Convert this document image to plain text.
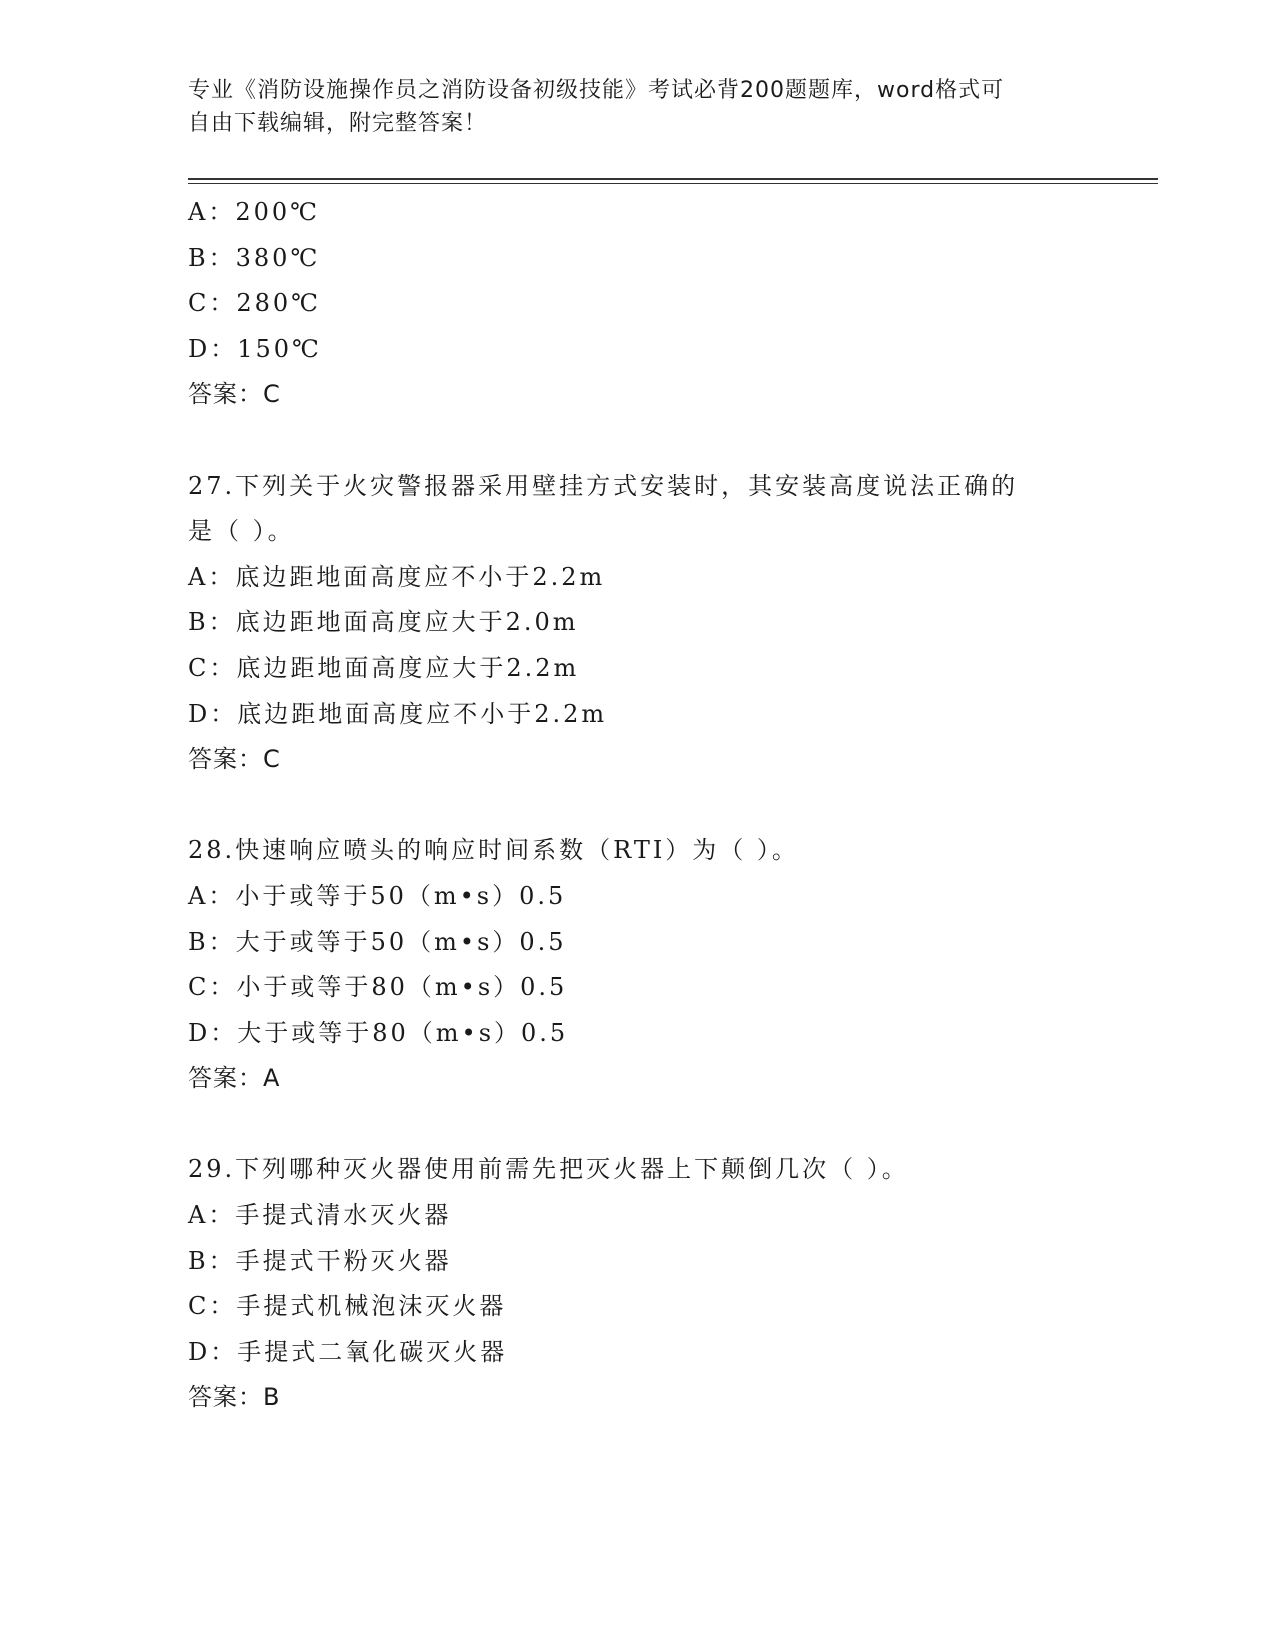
专业《消防设施操作员之消防设备初级技能》考试必背200题题库，word格式可
自由下载编辑，附完整答案！
A：200℃
B：380℃
C：280℃
D：150℃
答案：C
27.下列关于火灾警报器采用壁挂方式安装时，其安装高度说法正确的
是（ ）。
A：底边距地面高度应不小于2.2m
B：底边距地面高度应大于2.0m
C：底边距地面高度应大于2.2m
D：底边距地面高度应不小于2.2m
答案：C
28.快速响应喷头的响应时间系数（RTI）为（ ）。
A：小于或等于50（m•s）0.5
B：大于或等于50（m•s）0.5
C：小于或等于80（m•s）0.5
D：大于或等于80（m•s）0.5
答案：A
29.下列哪种灭火器使用前需先把灭火器上下颠倒几次（ ）。
A：手提式清水灭火器
B：手提式干粉灭火器
C：手提式机械泡沫灭火器
D：手提式二氧化碳灭火器
答案：B
